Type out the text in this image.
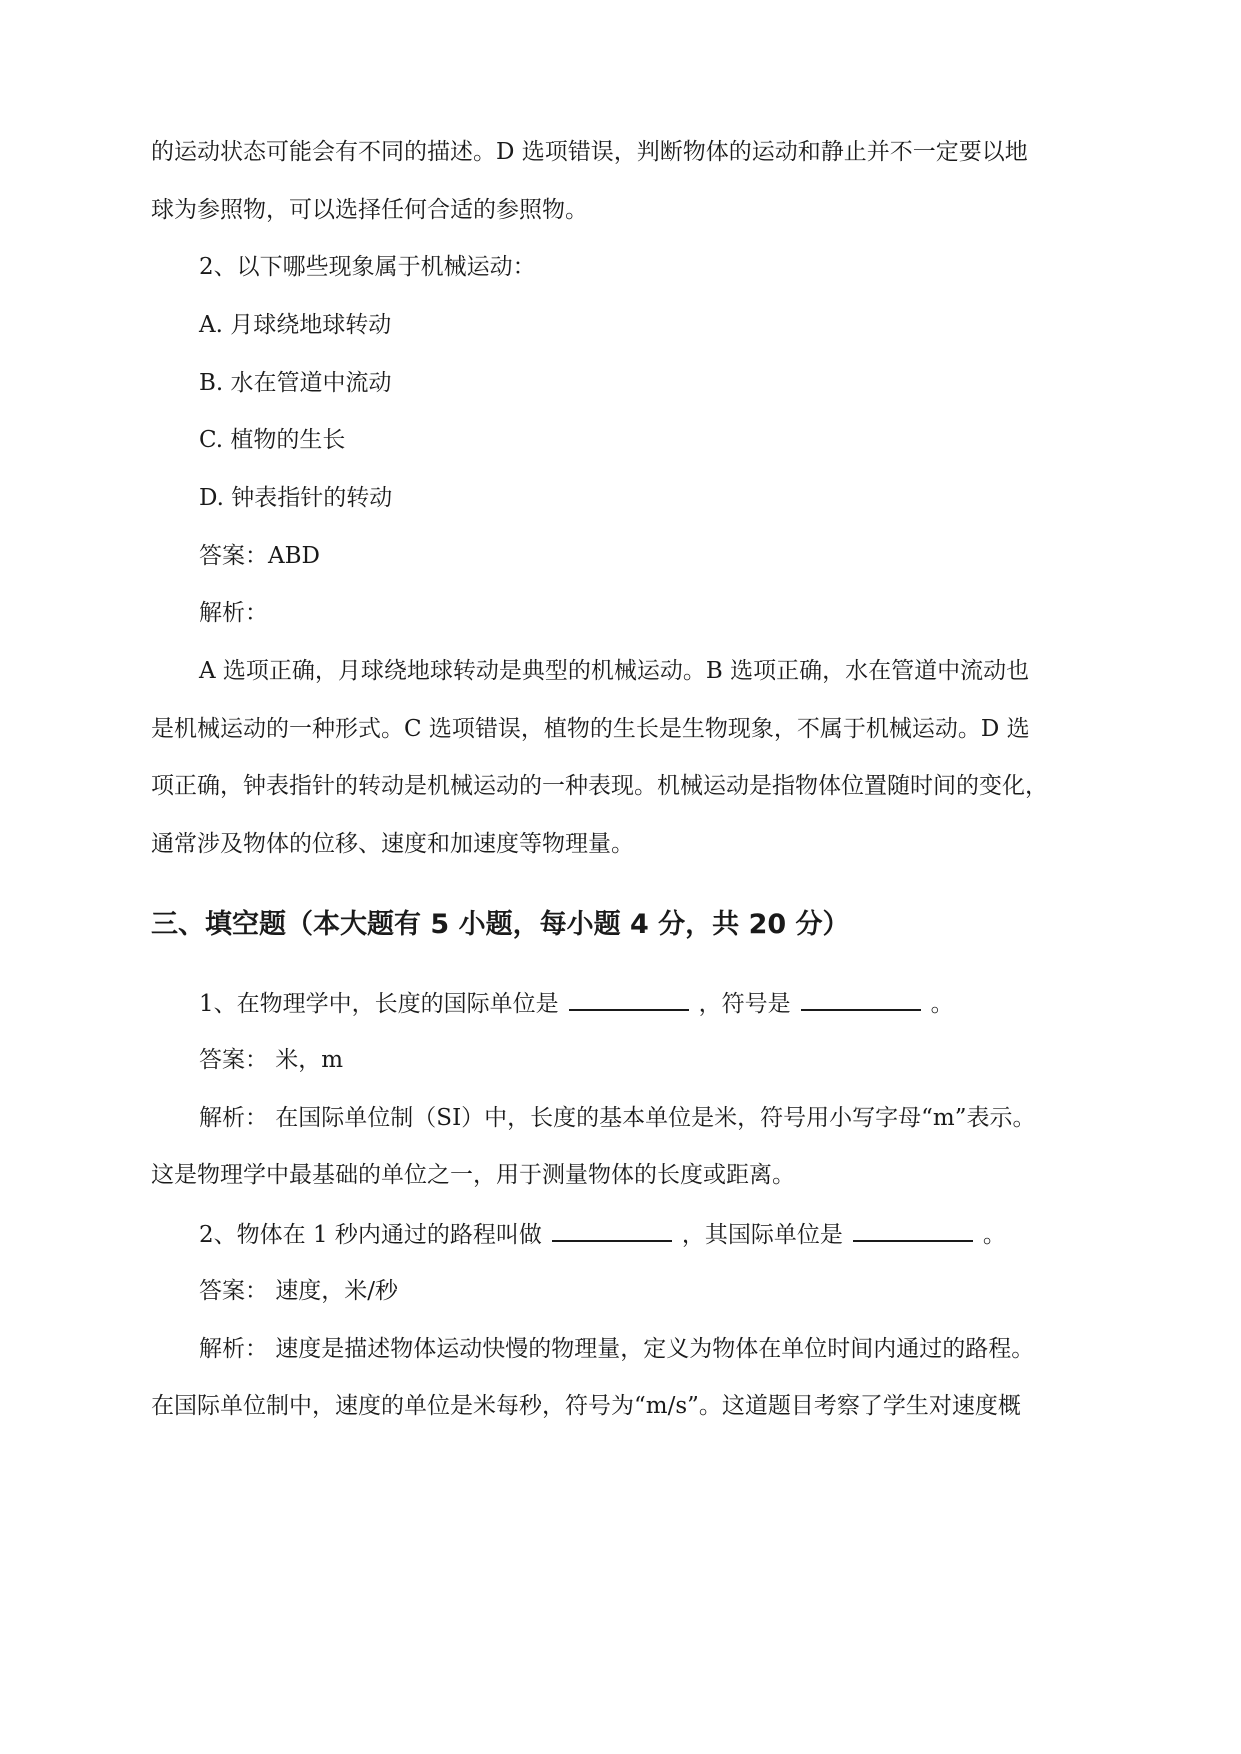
的运动状态可能会有不同的描述。D 选项错误，判断物体的运动和静止并不一定要以地
球为参照物，可以选择任何合适的参照物。
2、以下哪些现象属于机械运动：
A. 月球绕地球转动
B. 水在管道中流动
C. 植物的生长
D. 钟表指针的转动
答案：ABD
解析：
A 选项正确，月球绕地球转动是典型的机械运动。B 选项正确，水在管道中流动也
是机械运动的一种形式。C 选项错误，植物的生长是生物现象，不属于机械运动。D 选
项正确，钟表指针的转动是机械运动的一种表现。机械运动是指物体位置随时间的变化，
通常涉及物体的位移、速度和加速度等物理量。
三、填空题（本大题有 5 小题，每小题 4 分，共 20 分）
1、在物理学中，长度的国际单位是	，符号是	。
答案： 米，m
解析： 在国际单位制（SI）中，长度的基本单位是米，符号用小写字母“m”表示。
这是物理学中最基础的单位之一，用于测量物体的长度或距离。
2、物体在 1 秒内通过的路程叫做	，其国际单位是	。
答案： 速度，米/秒
解析： 速度是描述物体运动快慢的物理量，定义为物体在单位时间内通过的路程。
在国际单位制中，速度的单位是米每秒，符号为“m/s”。这道题目考察了学生对速度概
